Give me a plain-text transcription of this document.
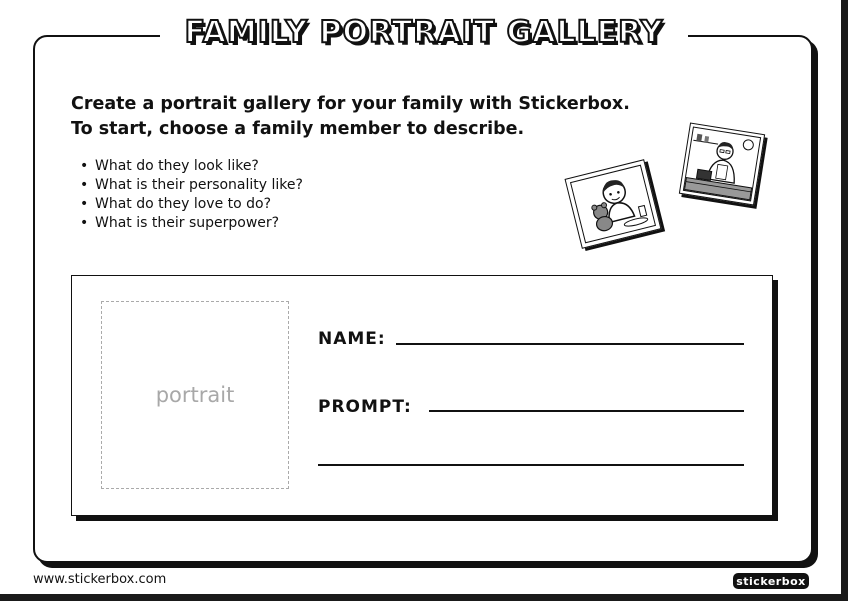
FAMILY PORTRAIT GALLERY
Create a portrait gallery for your family with Stickerbox.
To start, choose a family member to describe.
• What do they look like?
• What is their personality like?
• What do they love to do?
• What is their superpower?
portrait
NAME:
PROMPT:
www.stickerbox.com	stickerbox
